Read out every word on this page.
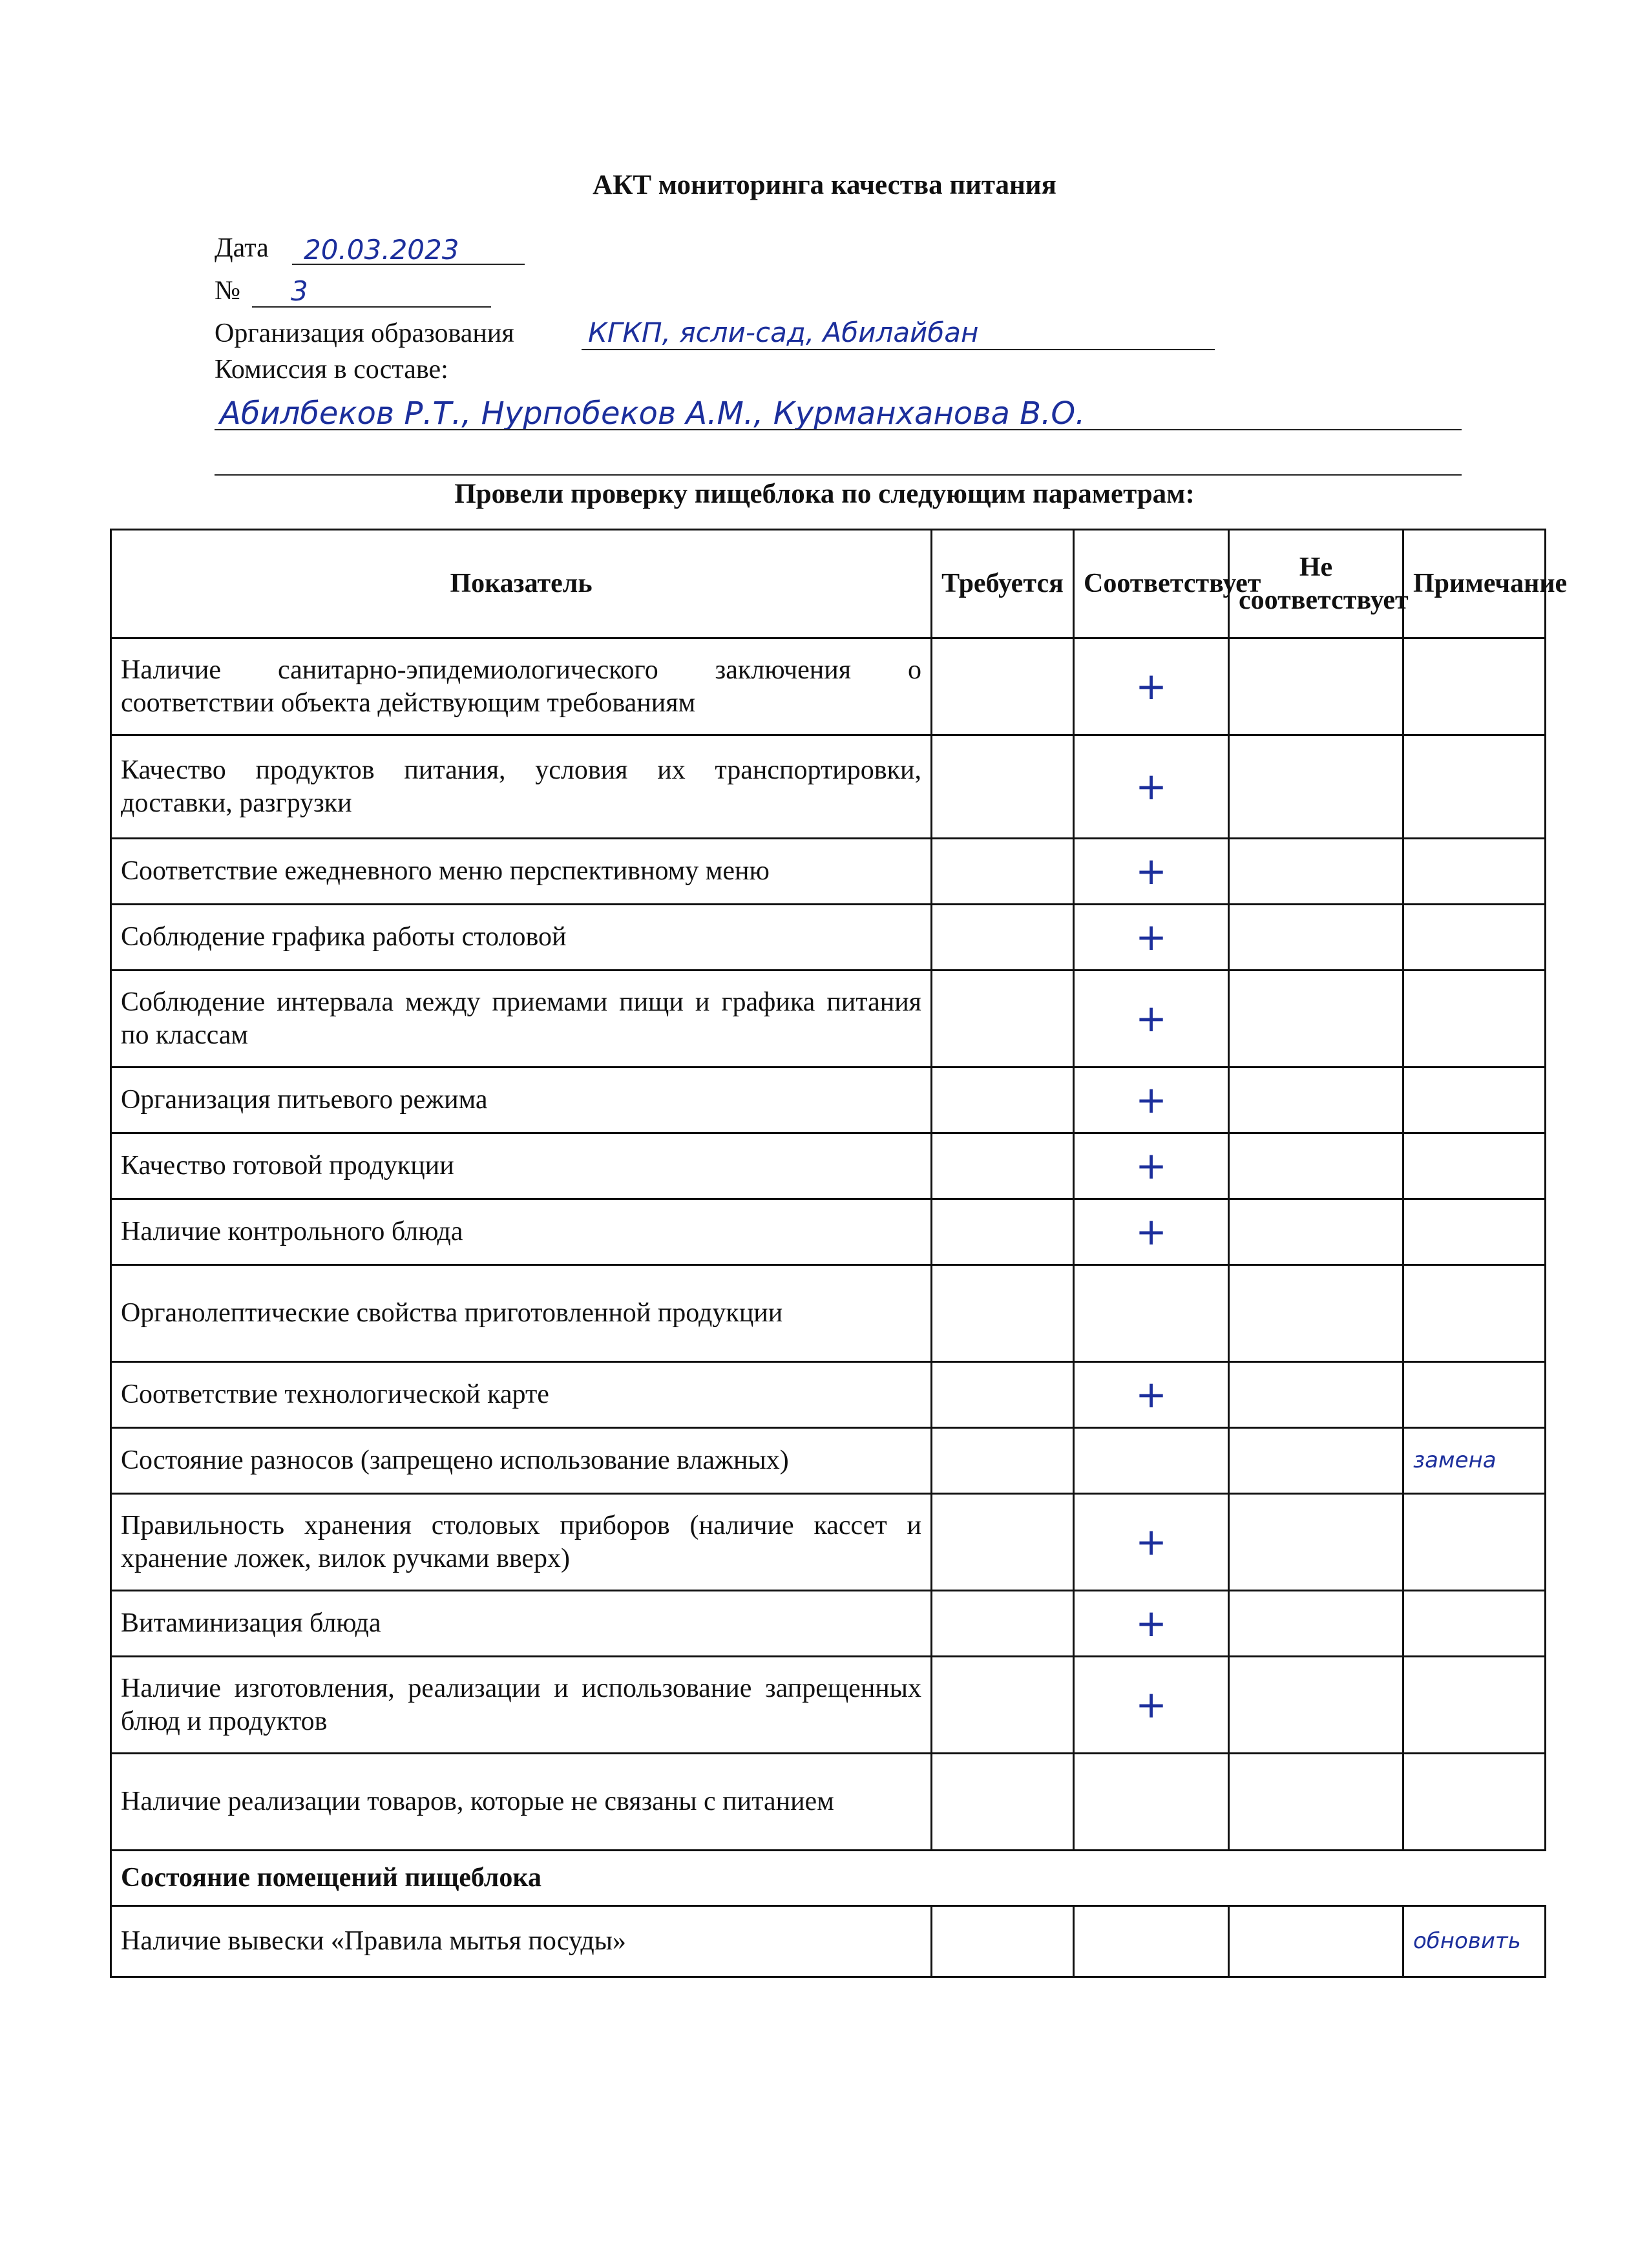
АКТ мониторинга качества питания
Дата 20.03.2023
№ 3
Организация образования	КГКП, ясли-сад, Абилайбан
Комиссия в составе:
Абилбеков Р.Т., Нурпобеков А.М., Курманханова В.О.
Провели проверку пищеблока по следующим параметрам:
Показатель	Требуется	Соответствует	Не соответствует	Примечание
Наличие санитарно-эпидемиологического заключения о соответствии объекта действующим требованиям		+		
Качество продуктов питания, условия их транспортировки, доставки, разгрузки		+		
Соответствие ежедневного меню перспективному меню		+		
Соблюдение графика работы столовой		+		
Соблюдение интервала между приемами пищи и графика питания по классам		+		
Организация питьевого режима		+		
Качество готовой продукции		+		
Наличие контрольного блюда		+		
Органолептические свойства приготовленной продукции				
Соответствие технологической карте		+		
Состояние разносов (запрещено использование влажных)				замена
Правильность хранения столовых приборов (наличие кассет и хранение ложек, вилок ручками вверх)		+		
Витаминизация блюда		+		
Наличие изготовления, реализации и использование запрещенных блюд и продуктов		+		
Наличие реализации товаров, которые не связаны с питанием				
Состояние помещений пищеблока				
Наличие вывески «Правила мытья посуды»				обновить
